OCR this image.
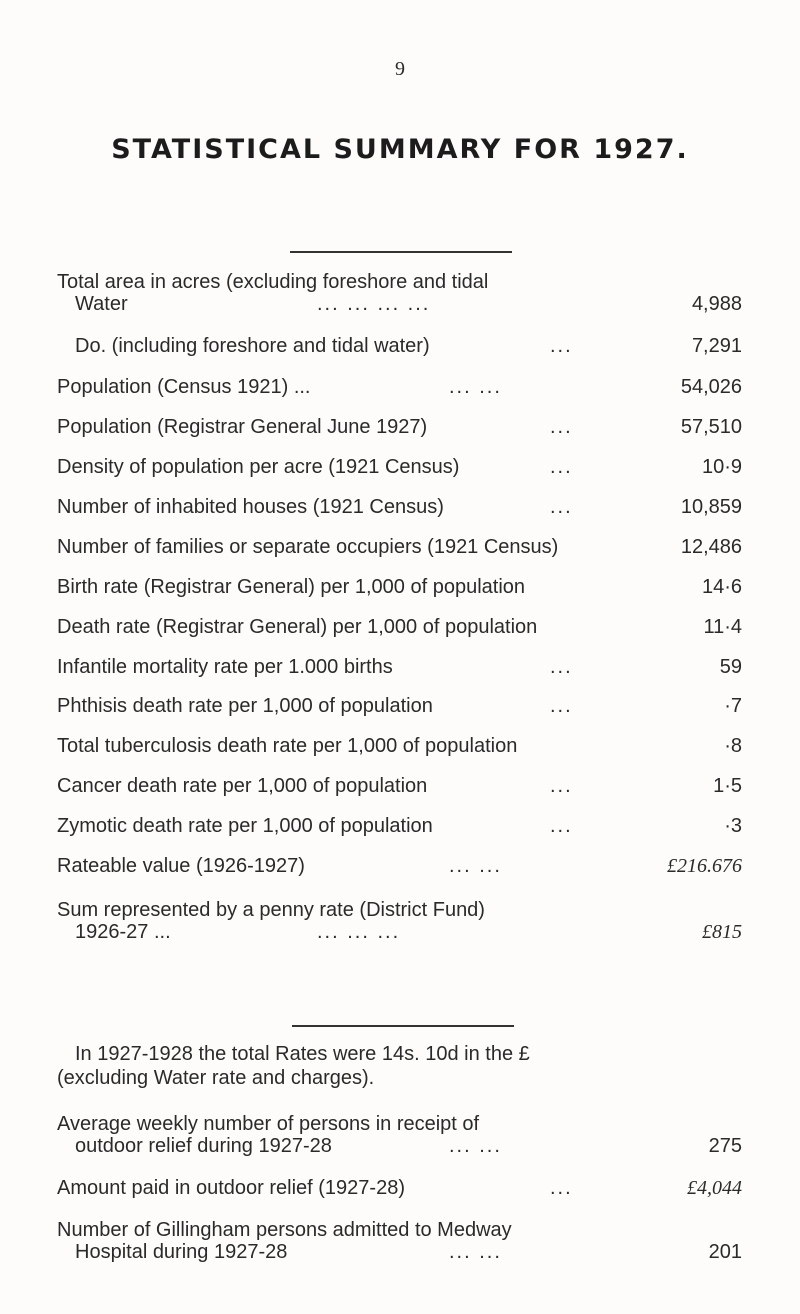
9
STATISTICAL SUMMARY FOR 1927.
Total area in acres (excluding foreshore and tidal
Water	... ... ... ...	4,988
Do. (including foreshore and tidal water)	...	7,291
Population (Census 1921) ...	... ...	54,026
Population (Registrar General June 1927)	...	57,510
Density of population per acre (1921 Census)	...	10·9
Number of inhabited houses (1921 Census)	...	10,859
Number of families or separate occupiers (1921 Census)	12,486
Birth rate (Registrar General) per 1,000 of population	14·6
Death rate (Registrar General) per 1,000 of population	11·4
Infantile mortality rate per 1.000 births	...	59
Phthisis death rate per 1,000 of population	...	·7
Total tuberculosis death rate per 1,000 of population	·8
Cancer death rate per 1,000 of population	...	1·5
Zymotic death rate per 1,000 of population	...	·3
Rateable value (1926-1927)	... ...	£216.676
Sum represented by a penny rate (District Fund)
1926-27 ...	... ... ...	£815
In 1927-1928 the total Rates were 14s. 10d in the £
(excluding Water rate and charges).
Average weekly number of persons in receipt of
outdoor relief during 1927-28	... ...	275
Amount paid in outdoor relief (1927-28)	...	£4,044
Number of Gillingham persons admitted to Medway
Hospital during 1927-28	... ...	201
